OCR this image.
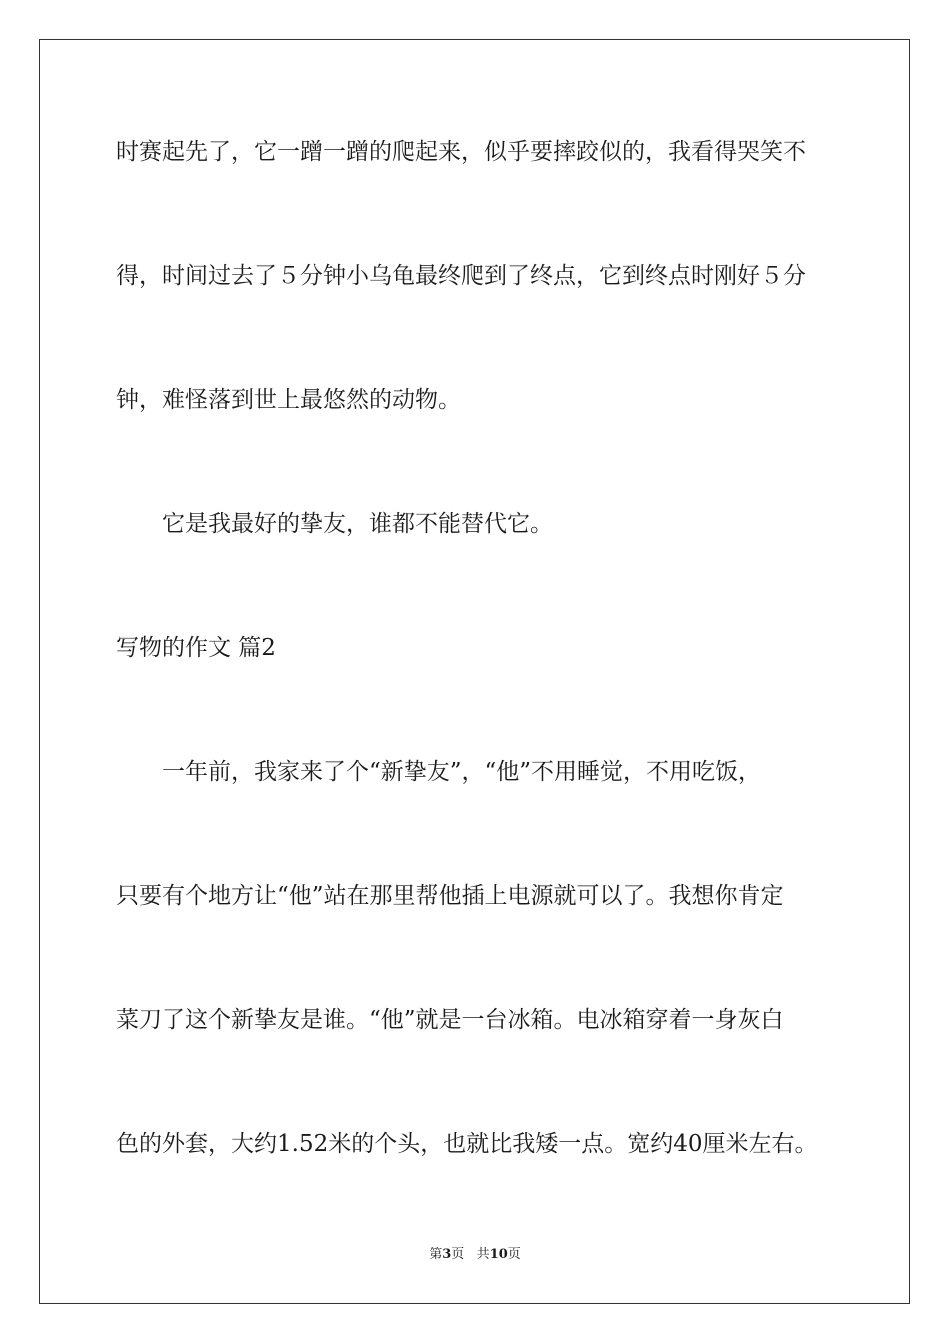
时赛起先了，它一蹭一蹭的爬起来，似乎要摔跤似的，我看得哭笑不
得，时间过去了５分钟小乌龟最终爬到了终点，它到终点时刚好５分
钟，难怪落到世上最悠然的动物。
　　它是我最好的挚友，谁都不能替代它。
写物的作文 篇2
　　一年前，我家来了个“新挚友”，“他”不用睡觉，不用吃饭，
只要有个地方让“他”站在那里帮他插上电源就可以了。我想你肯定
菜刀了这个新挚友是谁。“他”就是一台冰箱。电冰箱穿着一身灰白
色的外套，大约1.52米的个头，也就比我矮一点。宽约40厘米左右。
第3页 共10页
